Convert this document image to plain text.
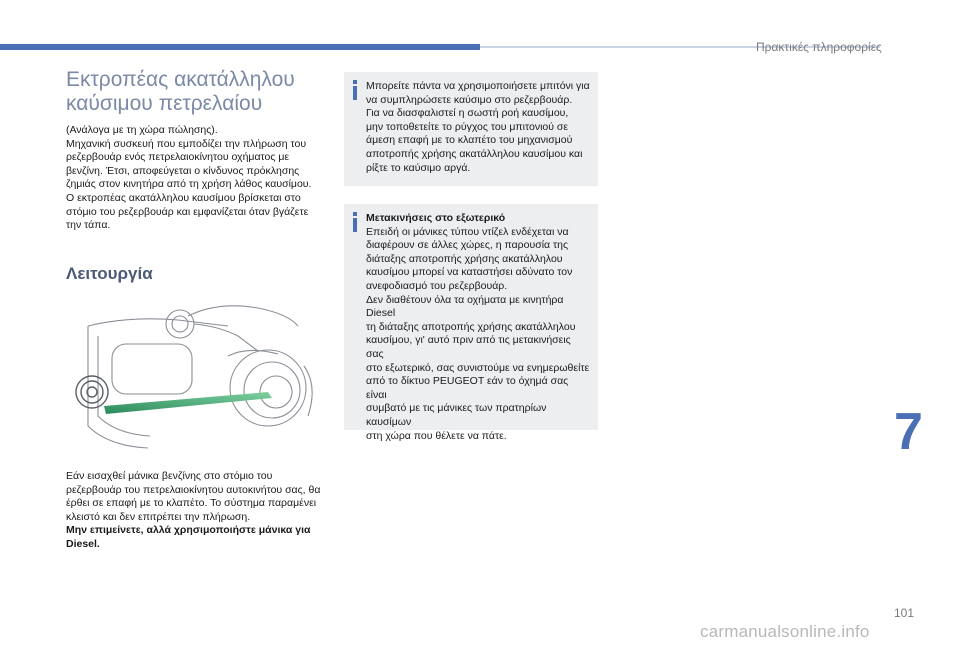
Πρακτικές πληροφορίες
Εκτροπέας ακατάλληλου
καύσιμου πετρελαίου
(Ανάλογα με τη χώρα πώλησης).
Μηχανική συσκευή που εμποδίζει την πλήρωση του
ρεζερβουάρ ενός πετρελαιοκίνητου οχήματος με
βενζίνη. Έτσι, αποφεύγεται ο κίνδυνος πρόκλησης
ζημιάς στον κινητήρα από τη χρήση λάθος καυσίμου.
Ο εκτροπέας ακατάλληλου καυσίμου βρίσκεται στο
στόμιο του ρεζερβουάρ και εμφανίζεται όταν βγάζετε
την τάπα.
Λειτουργία
Εάν εισαχθεί μάνικα βενζίνης στο στόμιο του
ρεζερβουάρ του πετρελαιοκίνητου αυτοκινήτου σας, θα
έρθει σε επαφή με το κλαπέτο. Το σύστημα παραμένει
κλειστό και δεν επιτρέπει την πλήρωση.
Μην επιμείνετε, αλλά χρησιμοποιήστε μάνικα για
Diesel.
Μπορείτε πάντα να χρησιμοποιήσετε μπιτόνι για
να συμπληρώσετε καύσιμο στο ρεζερβουάρ.
Για να διασφαλιστεί η σωστή ροή καυσίμου,
μην τοποθετείτε το ρύγχος του μπιτονιού σε
άμεση επαφή με το κλαπέτο του μηχανισμού
αποτροπής χρήσης ακατάλληλου καυσίμου και
ρίξτε το καύσιμο αργά.
Μετακινήσεις στο εξωτερικό
Επειδή οι μάνικες τύπου ντίζελ ενδέχεται να
διαφέρουν σε άλλες χώρες, η παρουσία της
διάταξης αποτροπής χρήσης ακατάλληλου
καυσίμου μπορεί να καταστήσει αδύνατο τον
ανεφοδιασμό του ρεζερβουάρ.
Δεν διαθέτουν όλα τα οχήματα με κινητήρα Diesel
τη διάταξης αποτροπής χρήσης ακατάλληλου
καυσίμου, γι' αυτό πριν από τις μετακινήσεις σας
στο εξωτερικό, σας συνιστούμε να ενημερωθείτε
από το δίκτυο PEUGEOT εάν το όχημά σας είναι
συμβατό με τις μάνικες των πρατηρίων καυσίμων
στη χώρα που θέλετε να πάτε.	7
101
carmanualsonline.info
